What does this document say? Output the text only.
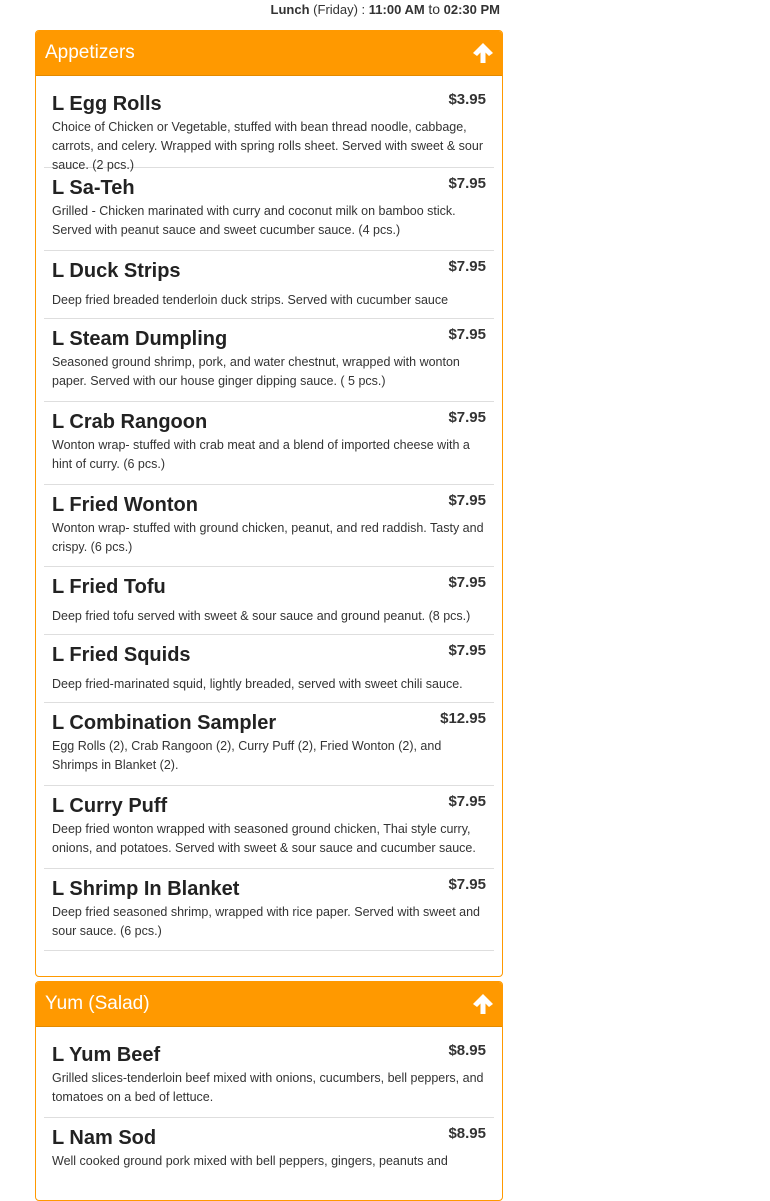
Lunch (Friday) : 11:00 AM to 02:30 PM
Appetizers
L Egg Rolls	$3.95
Choice of Chicken or Vegetable, stuffed with bean thread noodle, cabbage, carrots, and celery. Wrapped with spring rolls sheet. Served with sweet & sour sauce. (2 pcs.)
L Sa-Teh	$7.95
Grilled - Chicken marinated with curry and coconut milk on bamboo stick. Served with peanut sauce and sweet cucumber sauce. (4 pcs.)
L Duck Strips	$7.95
Deep fried breaded tenderloin duck strips. Served with cucumber sauce
L Steam Dumpling	$7.95
Seasoned ground shrimp, pork, and water chestnut, wrapped with wonton paper. Served with our house ginger dipping sauce. ( 5 pcs.)
L Crab Rangoon	$7.95
Wonton wrap- stuffed with crab meat and a blend of imported cheese with a hint of curry. (6 pcs.)
L Fried Wonton	$7.95
Wonton wrap- stuffed with ground chicken, peanut, and red raddish. Tasty and crispy. (6 pcs.)
L Fried Tofu	$7.95
Deep fried tofu served with sweet & sour sauce and ground peanut. (8 pcs.)
L Fried Squids	$7.95
Deep fried-marinated squid, lightly breaded, served with sweet chili sauce.
L Combination Sampler	$12.95
Egg Rolls (2), Crab Rangoon (2), Curry Puff (2), Fried Wonton (2), and Shrimps in Blanket (2).
L Curry Puff	$7.95
Deep fried wonton wrapped with seasoned ground chicken, Thai style curry, onions, and potatoes. Served with sweet & sour sauce and cucumber sauce.
L Shrimp In Blanket	$7.95
Deep fried seasoned shrimp, wrapped with rice paper. Served with sweet and sour sauce. (6 pcs.)
Yum (Salad)
L Yum Beef	$8.95
Grilled slices-tenderloin beef mixed with onions, cucumbers, bell peppers, and tomatoes on a bed of lettuce.
L Nam Sod	$8.95
Well cooked ground pork mixed with bell peppers, gingers, peanuts and
